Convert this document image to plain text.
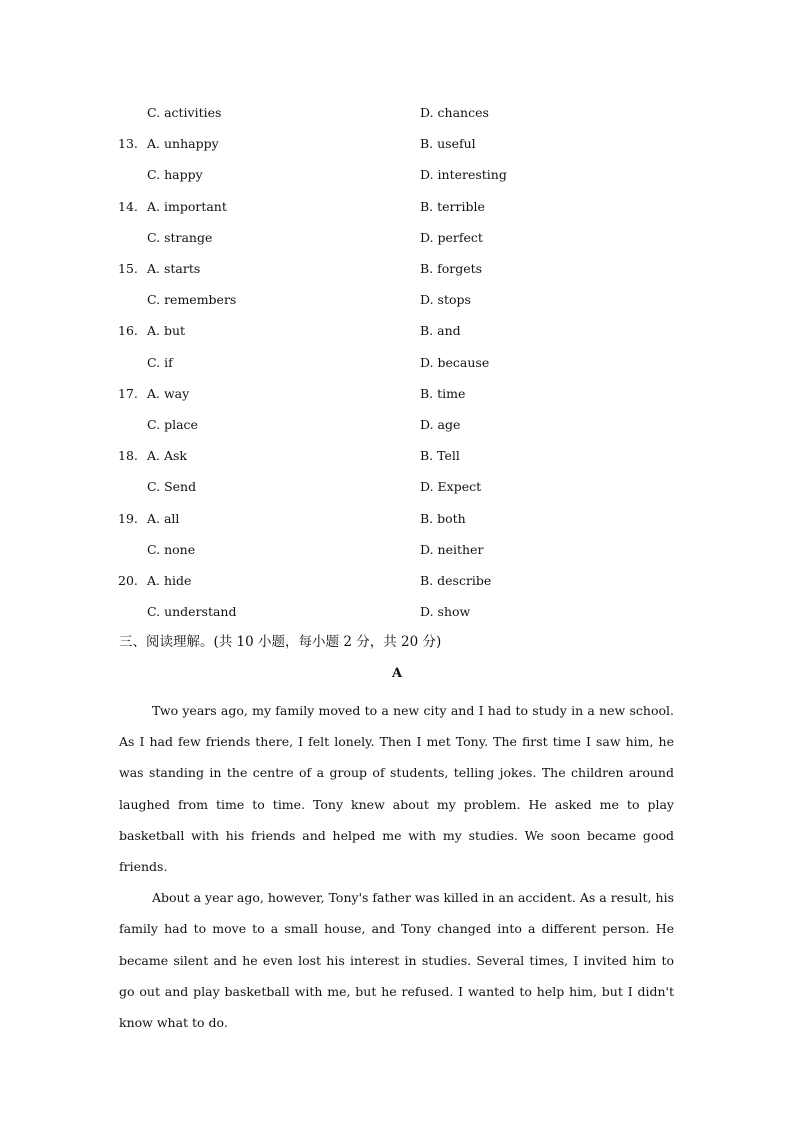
C. activities	D. chances
13. A. unhappy	B. useful
C. happy	D. interesting
14. A. important	B. terrible
C. strange	D. perfect
15. A. starts	B. forgets
C. remembers	D. stops
16. A. but	B. and
C. if	D. because
17. A. way	B. time
C. place	D. age
18. A. Ask	B. Tell
C. Send	D. Expect
19. A. all	B. both
C. none	D. neither
20. A. hide	B. describe
C. understand	D. show
三、阅读理解。(共 10 小题，每小题 2 分，共 20 分)
A

Two years ago, my family moved to a new city and I had to study in a new school. As I had few friends there, I felt lonely. Then I met Tony. The first time I saw him, he was standing in the centre of a group of students, telling jokes. The children around laughed from time to time. Tony knew about my problem. He asked me to play basketball with his friends and helped me with my studies. We soon became good friends.

About a year ago, however, Tony's father was killed in an accident. As a result, his family had to move to a small house, and Tony changed into a different person. He became silent and he even lost his interest in studies. Several times, I invited him to go out and play basketball with me, but he refused. I wanted to help him, but I didn't know what to do.
